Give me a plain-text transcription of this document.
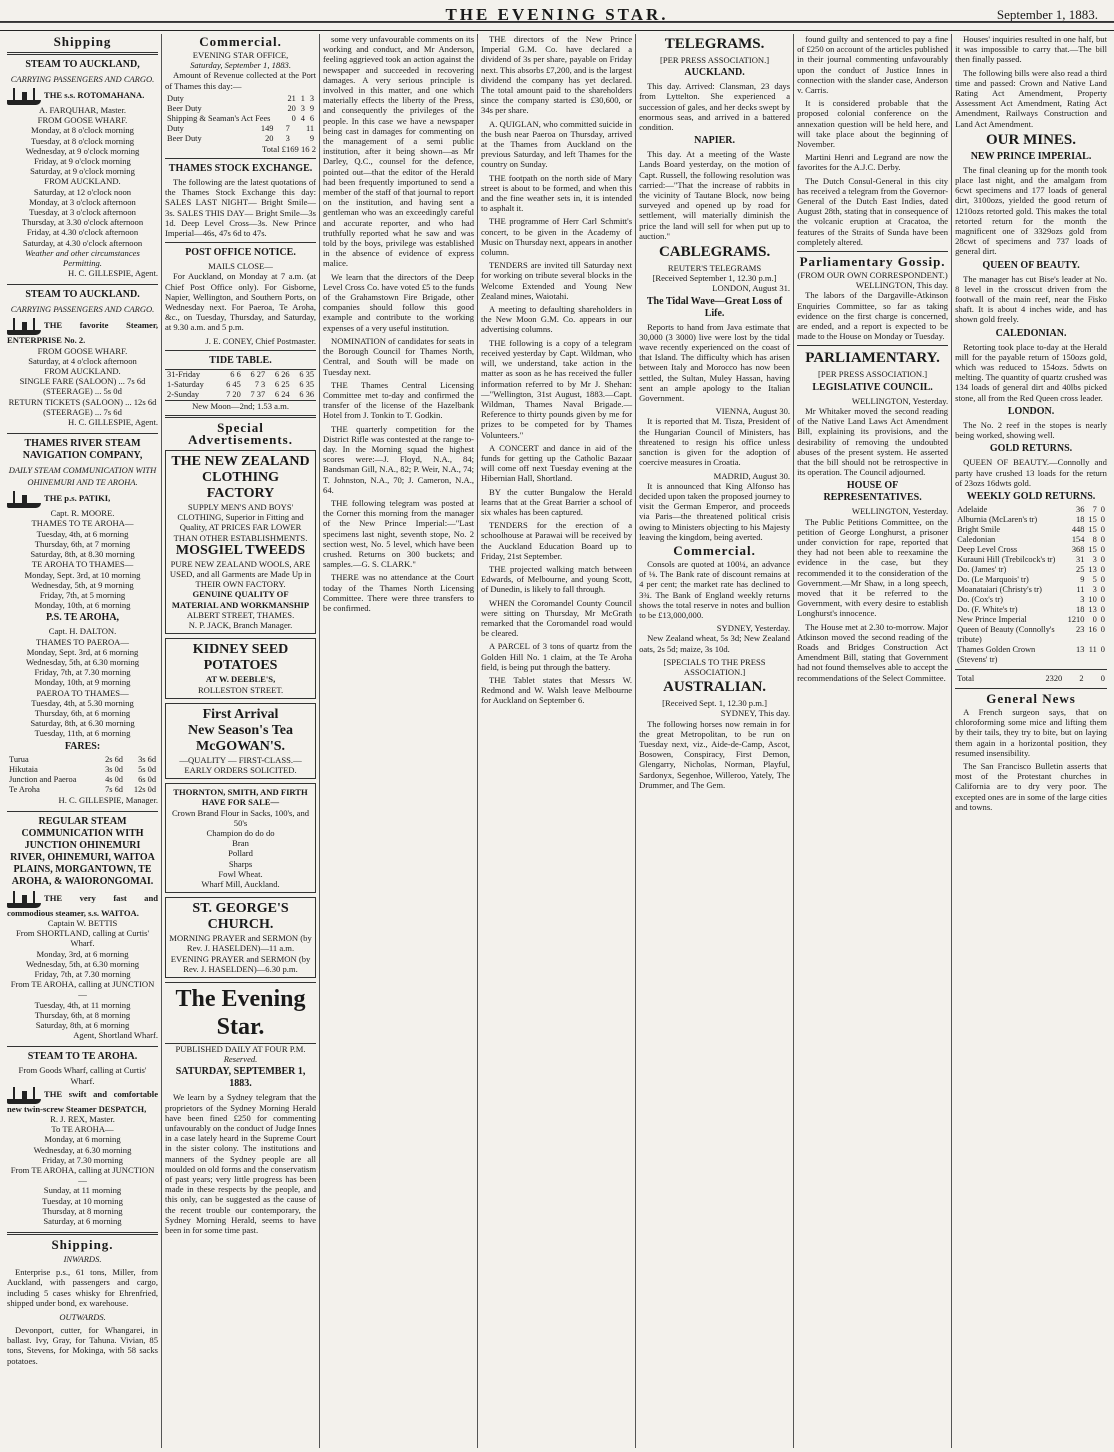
THE EVENING STAR.	September 1, 1883.
Shipping
STEAM TO AUCKLAND,
CARRYING PASSENGERS AND CARGO.
THE s.s. ROTOMAHANA.
A. FARQUHAR, Master.
FROM GOOSE WHARF.
Monday, at 8 o'clock morning
Tuesday, at 8 o'clock morning
Wednesday, at 9 o'clock morning
Friday, at 9 o'clock morning
Saturday, at 9 o'clock morning
FROM AUCKLAND.
Saturday, at 12 o'clock noon
Monday, at 3 o'clock afternoon
Tuesday, at 3 o'clock afternoon
Thursday, at 3.30 o'clock afternoon
Friday, at 4.30 o'clock afternoon
Saturday, at 4.30 o'clock afternoon
Weather and other circumstances Permitting.
H. C. GILLESPIE, Agent.
STEAM TO AUCKLAND.
CARRYING PASSENGERS AND CARGO.
THE favorite Steamer, ENTERPRISE No. 2.
FROM GOOSE WHARF.
Saturday, at 4 o'clock afternoon
FROM AUCKLAND.
SINGLE FARE (SALOON) ... 7s 6d
(STEERAGE) ... 5s 0d
RETURN TICKETS (SALOON) ... 12s 6d
(STEERAGE) ... 7s 6d
H. C. GILLESPIE, Agent.
THAMES RIVER STEAM NAVIGATION COMPANY,
DAILY STEAM COMMUNICATION WITH OHINEMURI AND TE AROHA.
THE p.s. PATIKI,
Capt. R. MOORE.
THAMES TO TE AROHA—
Tuesday, 4th, at 6 morning
Thursday, 6th, at 7 morning
Saturday, 8th, at 8.30 morning
TE AROHA TO THAMES—
Monday, Sept. 3rd, at 10 morning
Wednesday, 5th, at 9 morning
Friday, 7th, at 5 morning
Monday, 10th, at 6 morning
P.S. TE AROHA,
Capt. H. DALTON.
THAMES TO PAEROA—
Monday, Sept. 3rd, at 6 morning
Wednesday, 5th, at 6.30 morning
Friday, 7th, at 7.30 morning
Monday, 10th, at 9 morning
PAEROA TO THAMES—
Tuesday, 4th, at 5.30 morning
Thursday, 6th, at 6 morning
Saturday, 8th, at 6.30 morning
Tuesday, 11th, at 6 morning
FARES:
Turua	2s 6d	3s 6d
Hikutaia	3s 0d	5s 0d
Junction and Paeroa	4s 0d	6s 0d
Te Aroha	7s 6d	12s 0d
H. C. GILLESPIE, Manager.
REGULAR STEAM COMMUNICATION WITH JUNCTION OHINEMURI RIVER, OHINEMURI, WAITOA PLAINS, MORGANTOWN, TE AROHA, & WAIORONGOMAI.
THE very fast and commodious steamer, s.s. WAITOA.
Captain W. BETTIS
From SHORTLAND, calling at Curtis' Wharf.
Monday, 3rd, at 6 morning
Wednesday, 5th, at 6.30 morning
Friday, 7th, at 7.30 morning
From TE AROHA, calling at JUNCTION—
Tuesday, 4th, at 11 morning
Thursday, 6th, at 8 morning
Saturday, 8th, at 6 morning
Agent, Shortland Wharf.
STEAM TO TE AROHA.
From Goods Wharf, calling at Curtis' Wharf.
THE swift and comfortable new twin-screw Steamer DESPATCH,
R. J. REX, Master.
To TE AROHA—
Monday, at 6 morning
Wednesday, at 6.30 morning
Friday, at 7.30 morning
From TE AROHA, calling at JUNCTION—
Sunday, at 11 morning
Tuesday, at 10 morning
Thursday, at 8 morning
Saturday, at 6 morning
Shipping.
INWARDS.
Enterprise p.s., 61 tons, Miller, from Auckland, with passengers and cargo, including 5 cases whisky for Ehrenfried, shipped under bond, ex warehouse.
OUTWARDS.
Devonport, cutter, for Whangarei, in ballast. Ivy, Gray, for Tahuna. Vivian, 85 tons, Stevens, for Mokinga, with 58 sacks potatoes.
Commercial.
EVENING STAR OFFICE,
Saturday, September 1, 1883.
Amount of Revenue collected at the Port of Thames this day:—
Duty	21	1	3
Beer Duty	20	3	9
Shipping & Seaman's Act Fees	0	4	6
Duty	149	7	11
Beer Duty	20	3	9
Total £169 16 2
THAMES STOCK EXCHANGE.
The following are the latest quotations of the Thames Stock Exchange this day: SALES LAST NIGHT— Bright Smile—3s. SALES THIS DAY— Bright Smile—3s 1d. Deep Level Cross—3s. New Prince Imperial—46s, 47s 6d to 47s.
POST OFFICE NOTICE.
MAILS CLOSE—
For Auckland, on Monday at 7 a.m. (at Chief Post Office only). For Gisborne, Napier, Wellington, and Southern Ports, on Wednesday next. For Paeroa, Te Aroha, &c., on Tuesday, Thursday, and Saturday, at 9.30 a.m. and 5 p.m.
J. E. CONEY, Chief Postmaster.
TIDE TABLE.
31-Friday	6 6	6 27	6 26	6 35
1-Saturday	6 45	7 3	6 25	6 35
2-Sunday	7 20	7 37	6 24	6 36
New Moon—2nd; 1.53 a.m.
Special Advertisements.
THE NEW ZEALAND CLOTHING FACTORY
SUPPLY MEN'S AND BOYS' CLOTHING, Superior in Fitting and Quality, AT PRICES FAR LOWER THAN OTHER ESTABLISHMENTS.
MOSGIEL TWEEDS
PURE NEW ZEALAND WOOLS, ARE USED, and all Garments are Made Up in THEIR OWN FACTORY.
GENUINE QUALITY OF MATERIAL AND WORKMANSHIP
ALBERT STREET, THAMES.
N. P. JACK, Branch Manager.
KIDNEY SEED POTATOES
AT W. DEEBLE'S,
ROLLESTON STREET.
First Arrival
New Season's Tea
McGOWAN'S.
—QUALITY — FIRST-CLASS.—
EARLY ORDERS SOLICITED.
THORNTON, SMITH, AND FIRTH HAVE FOR SALE—
Crown Brand Flour in Sacks, 100's, and 50's
Champion do do do
Bran
Pollard
Sharps
Fowl Wheat.
Wharf Mill, Auckland.
ST. GEORGE'S CHURCH.
MORNING PRAYER and SERMON (by Rev. J. HASELDEN)—11 a.m. EVENING PRAYER and SERMON (by Rev. J. HASELDEN)—6.30 p.m.
The Evening Star.
PUBLISHED DAILY AT FOUR P.M.
Reserved.
SATURDAY, SEPTEMBER 1, 1883.
We learn by a Sydney telegram that the proprietors of the Sydney Morning Herald have been fined £250 for commenting unfavourably on the conduct of Judge Innes in a case lately heard in the Supreme Court in the sister colony. The institutions and manners of the Sydney people are all moulded on old forms and the conservatism of past years; very little progress has been made in these respects by the people, and this only, can be suggested as the cause of the recent trouble our contemporary, the Sydney Morning Herald, seems to have been in for some time past.
some very unfavourable comments on its working and conduct, and Mr Anderson, feeling aggrieved took an action against the newspaper and succeeded in recovering damages. A very serious principle is involved in this matter, and one which materially effects the liberty of the Press, and consequently the privileges of the people. In this case we have a newspaper being cast in damages for commenting on the management of a semi public institution, after it being shown—as Mr Darley, Q.C., counsel for the defence, pointed out—that the editor of the Herald had been frequently importuned to send a member of the staff of that journal to report on the institution, and having sent a gentleman who was an exceedingly careful and accurate reporter, and who had truthfully reported what he saw and was told by the boys, privilege was established in the absence of evidence of express malice.
We learn that the directors of the Deep Level Cross Co. have voted £5 to the funds of the Grahamstown Fire Brigade, other companies should follow this good example and contribute to the working expenses of a very useful institution.
NOMINATION of candidates for seats in the Borough Council for Thames North, Central, and South will be made on Tuesday next.
THE Thames Central Licensing Committee met to-day and confirmed the transfer of the license of the Hazelbank Hotel from J. Tonkin to T. Godkin.
THE quarterly competition for the District Rifle was contested at the range to-day. In the Morning squad the highest scores were:—J. Floyd, N.A., 84; Bandsman Gill, N.A., 82; P. Weir, N.A., 74; T. Johnston, N.A., 70; J. Cameron, N.A., 64.
THE following telegram was posted at the Corner this morning from the manager of the New Prince Imperial:—"Last specimens last night, seventh stope, No. 2 section west, No. 5 level, which have been crushed. Returns on 300 buckets; and samples.—G. S. CLARK."
THERE was no attendance at the Court today of the Thames North Licensing Committee. There were three transfers to be confirmed.
THE directors of the New Prince Imperial G.M. Co. have declared a dividend of 3s per share, payable on Friday next. This absorbs £7,200, and is the largest dividend the company has yet declared. The total amount paid to the shareholders since the company started is £30,600, or 34s per share.
A. QUIGLAN, who committed suicide in the bush near Paeroa on Thursday, arrived at the Thames from Auckland on the previous Saturday, and left Thames for the country on Sunday.
THE footpath on the north side of Mary street is about to be formed, and when this and the fine weather sets in, it is intended to asphalt it.
THE programme of Herr Carl Schmitt's concert, to be given in the Academy of Music on Thursday next, appears in another column.
TENDERS are invited till Saturday next for working on tribute several blocks in the Welcome Extended and Young New Zealand mines, Waiotahi.
A meeting to defaulting shareholders in the New Moon G.M. Co. appears in our advertising columns.
THE following is a copy of a telegram received yesterday by Capt. Wildman, who will, we understand, take action in the matter as soon as he has received the fuller information referred to by Mr J. Shehan:—"Wellington, 31st August, 1883.—Capt. Wildman, Thames Naval Brigade.—Reference to thirty pounds given by me for prizes to be competed for by Thames Volunteers."
A CONCERT and dance in aid of the funds for getting up the Catholic Bazaar will come off next Tuesday evening at the Hibernian Hall, Shortland.
BY the cutter Bungalow the Herald learns that at the Great Barrier a school of six whales has been captured.
TENDERS for the erection of a schoolhouse at Parawai will be received by the Auckland Education Board up to Friday, 21st September.
THE projected walking match between Edwards, of Melbourne, and young Scott, of Dunedin, is likely to fall through.
WHEN the Coromandel County Council were sitting on Thursday, Mr McGrath remarked that the Coromandel road would be cleared.
A PARCEL of 3 tons of quartz from the Golden Hill No. 1 claim, at the Te Aroha field, is being put through the battery.
THE Tablet states that Messrs W. Redmond and W. Walsh leave Melbourne for Auckland on September 6.
TELEGRAMS.
[PER PRESS ASSOCIATION.]
AUCKLAND.
This day. Arrived: Clansman, 23 days from Lyttelton. She experienced a succession of gales, and her decks swept by enormous seas, and arrived in a battered condition.
NAPIER.
This day. At a meeting of the Waste Lands Board yesterday, on the motion of Capt. Russell, the following resolution was carried:—"That the increase of rabbits in the vicinity of Tautane Block, now being surveyed and opened up by road for settlement, will materially diminish the price the land will sell for when put up to auction."
CABLEGRAMS.
REUTER'S TELEGRAMS
[Received September 1, 12.30 p.m.]
LONDON, August 31.
The Tidal Wave—Great Loss of Life.
Reports to hand from Java estimate that 30,000 (3 3000) live were lost by the tidal wave recently experienced on the coast of that Island. The difficulty which has arisen between Italy and Morocco has now been settled, the Sultan, Muley Hassan, having sent an ample apology to the Italian Government.
VIENNA, August 30.
It is reported that M. Tisza, President of the Hungarian Council of Ministers, has threatened to resign his office unless sanction is given for the adoption of coercive measures in Croatia.
MADRID, August 30.
It is announced that King Alfonso has decided upon taken the proposed journey to visit the German Emperor, and proceeds via Paris—the threatened political crisis owing to Ministers objecting to his Majesty leaving the kingdom, being averted.
Commercial.
Consols are quoted at 100¼, an advance of ⅛. The Bank rate of discount remains at 4 per cent; the market rate has declined to 3¾. The Bank of England weekly returns shows the total reserve in notes and bullion to be £13,000,000.
SYDNEY, Yesterday.
New Zealand wheat, 5s 3d; New Zealand oats, 2s 5d; maize, 3s 10d.
[SPECIALS TO THE PRESS ASSOCIATION.]
AUSTRALIAN.
[Received Sept. 1, 12.30 p.m.]
SYDNEY, This day.
The following horses now remain in for the great Metropolitan, to be run on Tuesday next, viz., Aide-de-Camp, Ascot, Bosowen, Conspiracy, First Demon, Glengarry, Nicholas, Norman, Playful, Sardonyx, Segenhoe, Willeroo, Yately, The Drummer, and The Gem.
found guilty and sentenced to pay a fine of £250 on account of the articles published in their journal commenting unfavourably upon the conduct of Justice Innes in connection with the slander case, Anderson v. Carris.
It is considered probable that the proposed colonial conference on the annexation question will be held here, and will take place about the beginning of November.
Martini Henri and Legrand are now the favorites for the A.J.C. Derby.
The Dutch Consul-General in this city has received a telegram from the Governor-General of the Dutch East Indies, dated August 28th, stating that in consequence of the volcanic eruption at Cracatoa, the features of the Straits of Sunda have been completely altered.
Parliamentary Gossip.
(FROM OUR OWN CORRESPONDENT.)
WELLINGTON, This day.
The labors of the Dargaville-Atkinson Enquiries Committee, so far as taking evidence on the first charge is concerned, are ended, and a report is expected to be made to the House on Monday or Tuesday.
PARLIAMENTARY.
[PER PRESS ASSOCIATION.]
LEGISLATIVE COUNCIL.
WELLINGTON, Yesterday.
Mr Whitaker moved the second reading of the Native Land Laws Act Amendment Bill, explaining its provisions, and the desirability of removing the undoubted abuses of the present system. He asserted that the bill should not be retrospective in its operation. The Council adjourned.
HOUSE OF REPRESENTATIVES.
WELLINGTON, Yesterday.
The Public Petitions Committee, on the petition of George Longhurst, a prisoner under conviction for rape, reported that they had not been able to reexamine the evidence in the case, but they recommended it to the consideration of the Government.—Mr Shaw, in a long speech, moved that it be referred to the Government, with every desire to establish Longhurst's innocence.
The House met at 2.30 to-morrow. Major Atkinson moved the second reading of the Roads and Bridges Construction Act Amendment Bill, stating that Government had not found themselves able to accept the recommendations of the Select Committee.
Houses' inquiries resulted in one half, but it was impossible to carry that.—The bill then finally passed.
The following bills were also read a third time and passed: Crown and Native Land Rating Act Amendment, Property Assessment Act Amendment, Rating Act Amendment, Railways Construction and Land Act Amendment.
OUR MINES.
NEW PRINCE IMPERIAL.
The final cleaning up for the month took place last night, and the amalgam from 6cwt specimens and 177 loads of general dirt, 3100ozs, yielded the good return of 1210ozs retorted gold. This makes the total retorted return for the month the magnificent one of 3329ozs gold from 28cwt of specimens and 737 loads of general dirt.
QUEEN OF BEAUTY.
The manager has cut Bise's leader at No. 8 level in the crosscut driven from the footwall of the main reef, near the Fisko shaft. It is about 4 inches wide, and has shown gold freely.
CALEDONIAN.
Retorting took place to-day at the Herald mill for the payable return of 150ozs gold, which was reduced to 154ozs. 5dwts on melting. The quantity of quartz crushed was 134 loads of general dirt and 40lbs picked stone, all from the Red Queen cross leader.
LONDON.
The No. 2 reef in the stopes is nearly being worked, showing well.
GOLD RETURNS.
QUEEN OF BEAUTY.—Connolly and party have crushed 13 loads for the return of 23ozs 16dwts gold.
WEEKLY GOLD RETURNS.
Adelaide	36	7	0
Alburnia (McLaren's tr)	18	15	0
Bright Smile	448	15	0
Caledonian	154	8	0
Deep Level Cross	368	15	0
Kurauni Hill (Trebilcock's tr)	31	3	0
Do. (James' tr)	25	13	0
Do. (Le Marquois' tr)	9	5	0
Moanataiari (Christy's tr)	11	3	0
Do. (Cox's tr)	3	10	0
Do. (F. White's tr)	18	13	0
New Prince Imperial	1210	0	0
Queen of Beauty (Connolly's tribute)	23	16	0
Thames Golden Crown (Stevens' tr)	13	11	0
Total	2320	2	0
General News
A French surgeon says, that on chloroforming some mice and lifting them by their tails, they try to bite, but on laying them again in a horizontal position, they resumed insensibility.
The San Francisco Bulletin asserts that most of the Protestant churches in California are to dry very poor. The excepted ones are in some of the large cities and towns.
